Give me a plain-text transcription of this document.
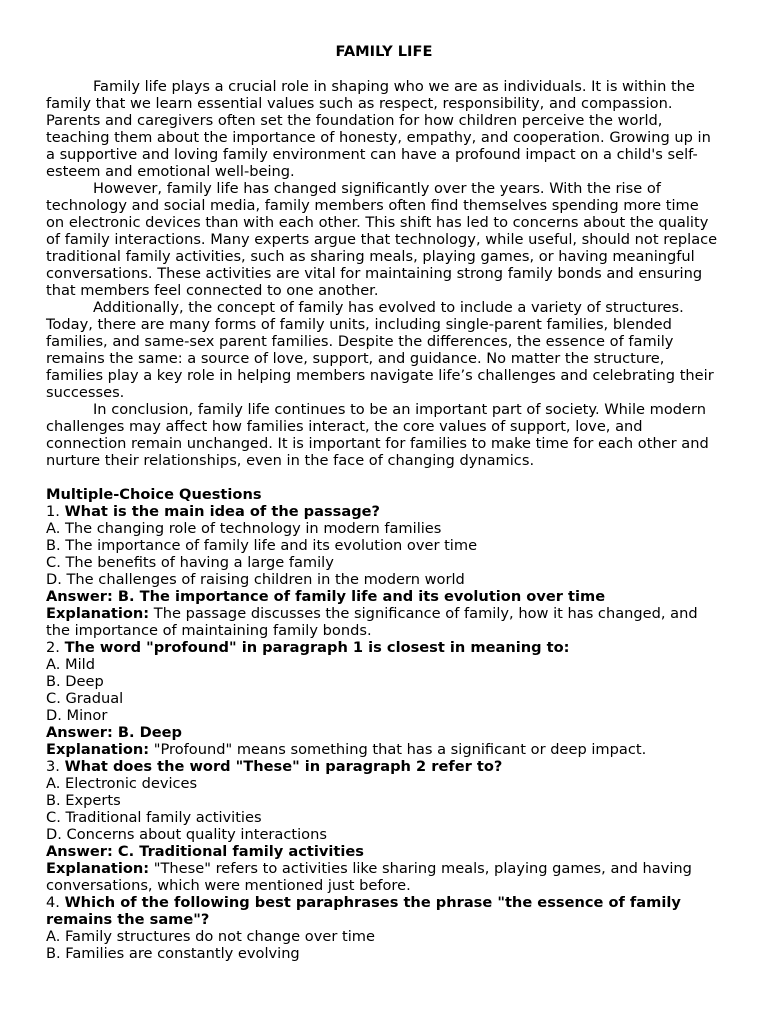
FAMILY LIFE

Family life plays a crucial role in shaping who we are as individuals. It is within the family that we learn essential values such as respect, responsibility, and compassion. Parents and caregivers often set the foundation for how children perceive the world, teaching them about the importance of honesty, empathy, and cooperation. Growing up in a supportive and loving family environment can have a profound impact on a child's self-esteem and emotional well-being.

However, family life has changed significantly over the years. With the rise of technology and social media, family members often find themselves spending more time on electronic devices than with each other. This shift has led to concerns about the quality of family interactions. Many experts argue that technology, while useful, should not replace traditional family activities, such as sharing meals, playing games, or having meaningful conversations. These activities are vital for maintaining strong family bonds and ensuring that members feel connected to one another.

Additionally, the concept of family has evolved to include a variety of structures. Today, there are many forms of family units, including single-parent families, blended families, and same-sex parent families. Despite the differences, the essence of family remains the same: a source of love, support, and guidance. No matter the structure, families play a key role in helping members navigate life’s challenges and celebrating their successes.

In conclusion, family life continues to be an important part of society. While modern challenges may affect how families interact, the core values of support, love, and connection remain unchanged. It is important for families to make time for each other and nurture their relationships, even in the face of changing dynamics.

Multiple-Choice Questions
1. What is the main idea of the passage?
A. The changing role of technology in modern families
B. The importance of family life and its evolution over time
C. The benefits of having a large family
D. The challenges of raising children in the modern world
Answer: B. The importance of family life and its evolution over time
Explanation: The passage discusses the significance of family, how it has changed, and the importance of maintaining family bonds.
2. The word "profound" in paragraph 1 is closest in meaning to:
A. Mild
B. Deep
C. Gradual
D. Minor
Answer: B. Deep
Explanation: "Profound" means something that has a significant or deep impact.
3. What does the word "These" in paragraph 2 refer to?
A. Electronic devices
B. Experts
C. Traditional family activities
D. Concerns about quality interactions
Answer: C. Traditional family activities
Explanation: "These" refers to activities like sharing meals, playing games, and having conversations, which were mentioned just before.
4. Which of the following best paraphrases the phrase "the essence of family remains the same"?
A. Family structures do not change over time
B. Families are constantly evolving
